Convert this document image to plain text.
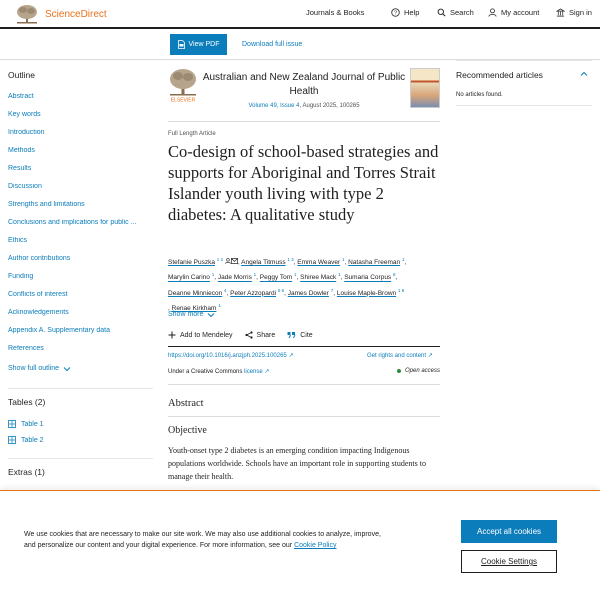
ScienceDirect	Journals & Books	? Help	Search	My account	Sign in
View PDF	Download full issue
Outline
Abstract
Key words
Introduction
Methods
Results
Discussion
Strengths and limitations
Conclusions and implications for public ...
Ethics
Author contributions
Funding
Conflicts of interest
Acknowledgements
Appendix A. Supplementary data
References
Show full outline
Tables (2)
Table 1
Table 2
Extras (1)
ELSEVIER
Australian and New Zealand Journal of Public Health
Volume 49, Issue 4, August 2025, 100265
Full Length Article
Co-design of school-based strategies and supports for Aboriginal and Torres Strait Islander youth living with type 2 diabetes: A qualitative study
Stefanie Puszka $^{1 2}$ , Angela Titmuss $^{1 3}$, Emma Weaver $^1$, Natasha Freeman $^1$,
Marylin Carino $^1$, Jade Morris $^1$, Peggy Tom $^1$, Shiree Mack $^1$, Sumaria Corpus $^8$,
Deanne Minniecon $^4$, Peter Azzopardi $^{5 6}$, James Dowler $^7$, Louise Maple-Brown $^{1 8}$
, Renae Kirkham $^1$
Show more
Add to Mendeley	Share	Cite
https://doi.org/10.1016/j.anzjph.2025.100265 ↗	Get rights and content ↗
Under a Creative Commons license ↗	Open access
Abstract
Objective
Youth-onset type 2 diabetes is an emerging condition impacting Indigenous populations worldwide. Schools have an important role in supporting students to manage their health.
Recommended articles
No articles found.
We use cookies that are necessary to make our site work. We may also use additional cookies to analyze, improve, and personalize our content and your digital experience. For more information, see our Cookie Policy
Accept all cookies
Cookie Settings
